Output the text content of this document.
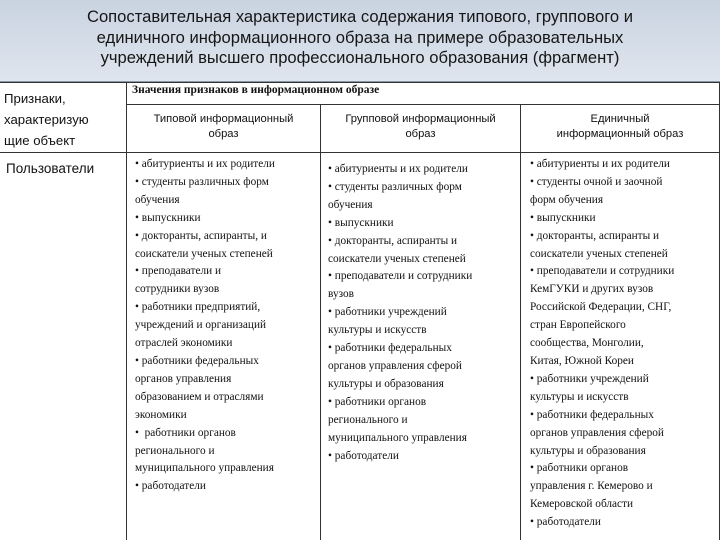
Сопоставительная характеристика содержания типового, группового и
единичного информационного образа на примере образовательных
учреждений высшего профессионального образования (фрагмент)
Признаки,
характеризую
щие объект
Значения признаков в информационном образе
Типовой информационный
образ
Групповой информационный
образ
Единичный
информационный образ
Пользователи
•	абитуриенты и их родители
• студенты различных форм
обучения
• выпускники
• докторанты, аспиранты, и
соискатели ученых степеней
• преподаватели и
сотрудники вузов
• работники предприятий,
учреждений и организаций
отраслей экономики
• работники федеральных
органов управления
образованием и отраслями
экономики
•  работники органов
регионального и
муниципального управления
• работодатели
• абитуриенты и их родители
• студенты различных форм
обучения
• выпускники
• докторанты, аспиранты и
соискатели ученых степеней
• преподаватели и сотрудники
вузов
• работники учреждений
культуры и искусств
• работники федеральных
органов управления сферой
культуры и образования
• работники органов
регионального и
муниципального управления
• работодатели
• абитуриенты и их родители
• студенты очной и заочной
форм обучения
• выпускники
• докторанты, аспиранты и
соискатели ученых степеней
• преподаватели и сотрудники
КемГУКИ и других вузов
Российской Федерации, СНГ,
стран Европейского
сообщества, Монголии,
Китая, Южной Кореи
• работники учреждений
культуры и искусств
• работники федеральных
органов управления сферой
культуры и образования
• работники органов
управления г. Кемерово и
Кемеровской области
• работодатели
